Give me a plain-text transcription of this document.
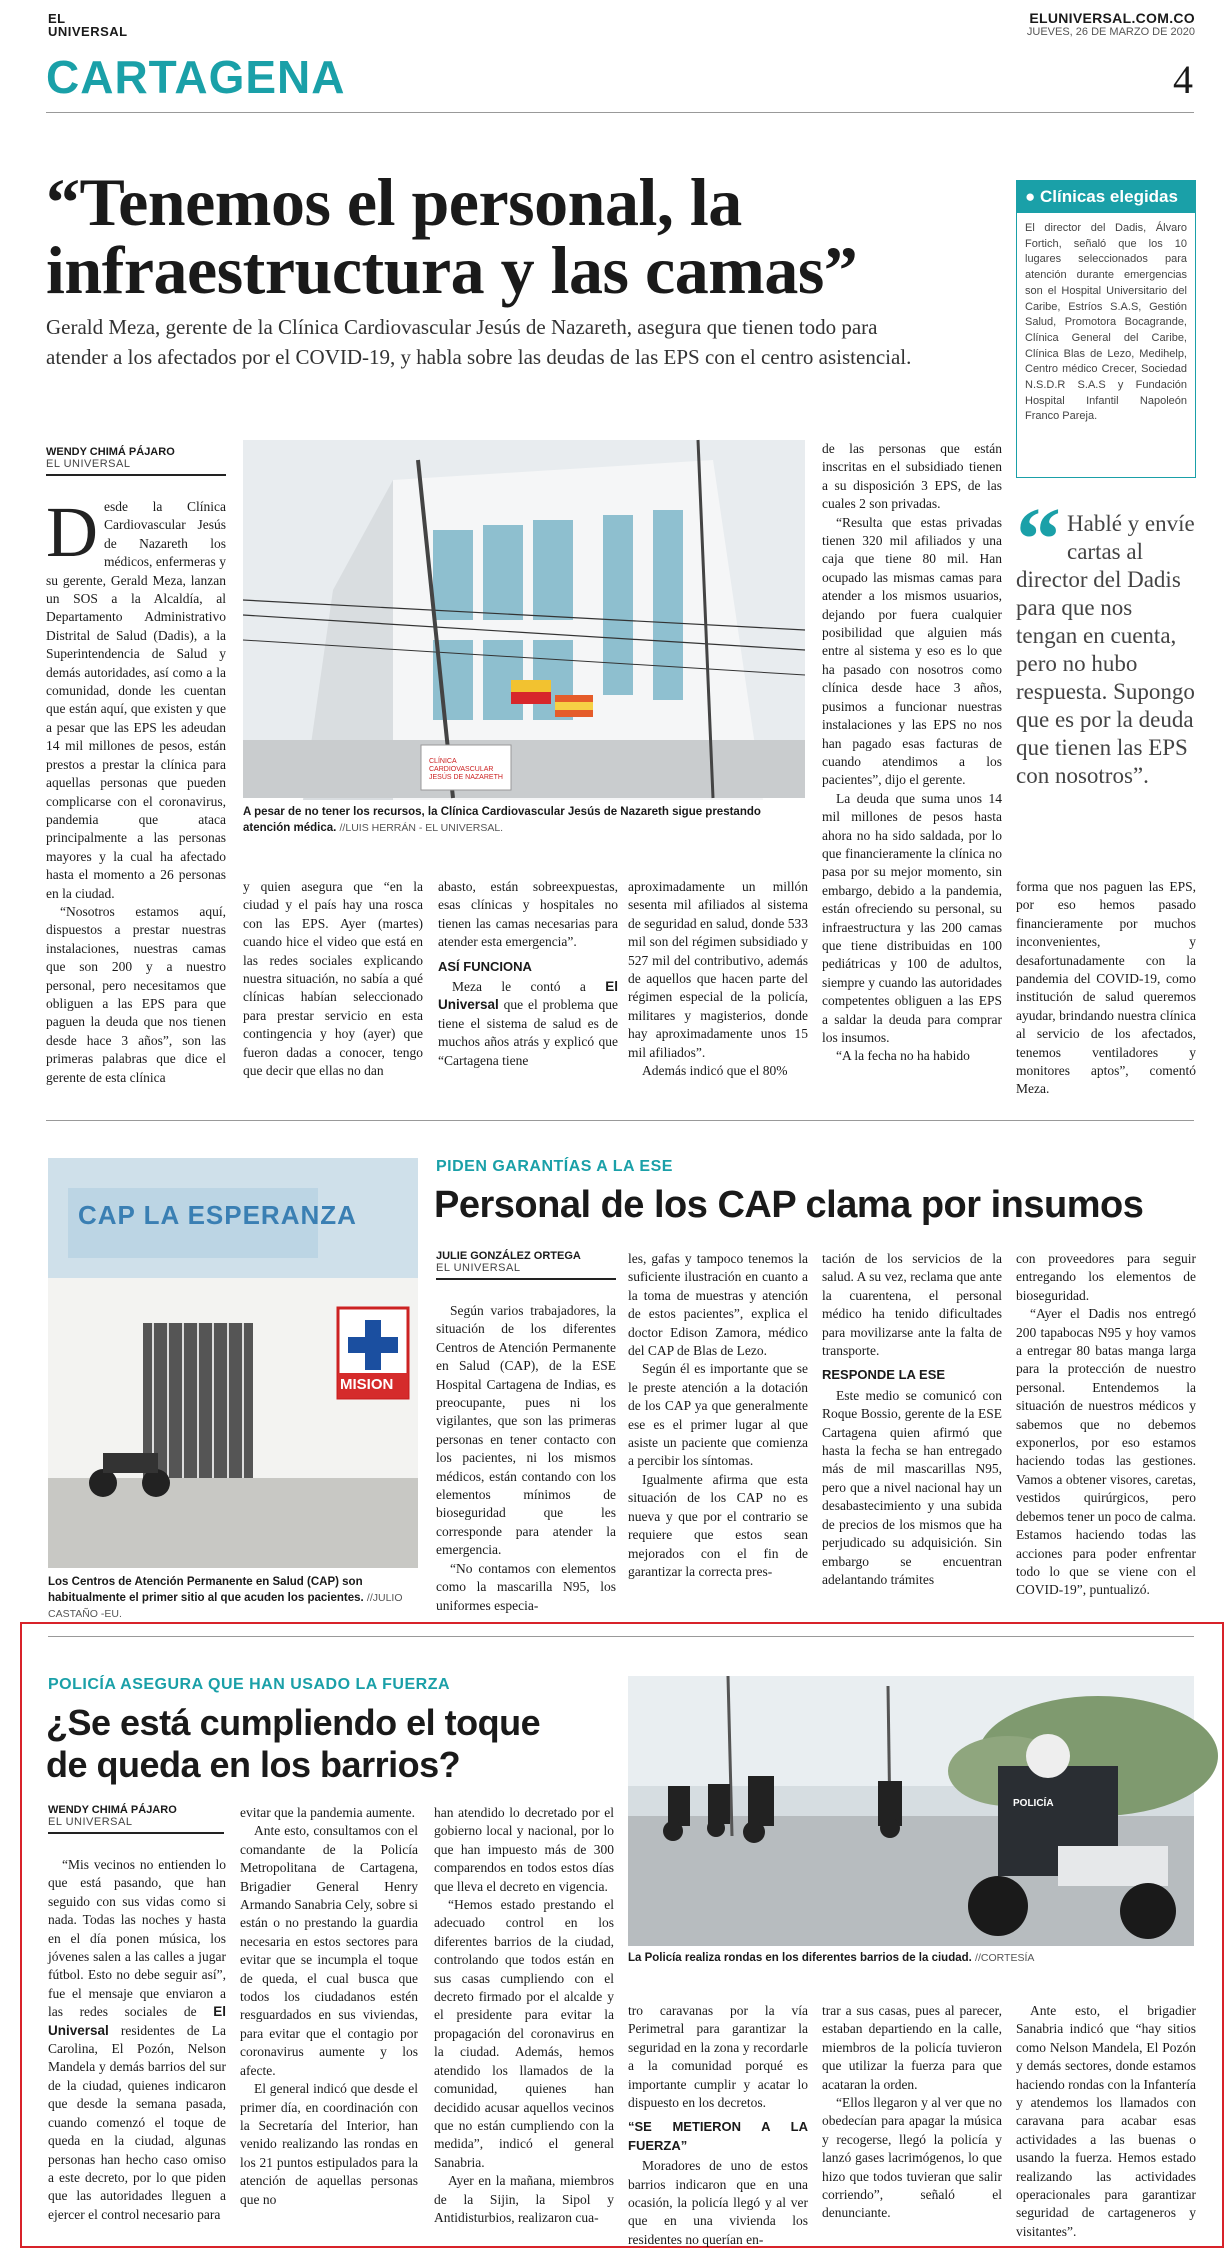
EL
UNIVERSAL
ELUNIVERSAL.COM.CO
JUEVES, 26 DE MARZO DE 2020
CARTAGENA	4
“Tenemos el personal, la
infraestructura y las camas”
Gerald Meza, gerente de la Clínica Cardiovascular Jesús de Nazareth, asegura que tienen todo para atender a los afectados por el COVID-19, y habla sobre las deudas de las EPS con el centro asistencial.
WENDY CHIMÁ PÁJARO
EL UNIVERSAL

Desde la Clínica Cardiovascular Jesús de Nazareth los médicos, enfermeras y su gerente, Gerald Meza, lanzan un SOS a la Alcaldía, al Departamento Administrativo Distrital de Salud (Dadis), a la Superintendencia de Salud y demás autoridades, así como a la comunidad, donde les cuentan que están aquí, que existen y que a pesar que las EPS les adeudan 14 mil millones de pesos, están prestos a prestar la clínica para aquellas personas que pueden complicarse con el coronavirus, pandemia que ataca principalmente a las personas mayores y la cual ha afectado hasta el momento a 26 personas en la ciudad.

“Nosotros estamos aquí, dispuestos a prestar nuestras instalaciones, nuestras camas que son 200 y a nuestro personal, pero necesitamos que obliguen a las EPS para que paguen la deuda que nos tienen desde hace 3 años”, son las primeras palabras que dice el gerente de esta clínica

CLÍNICA CARDIOVASCULAR JESÚS DE NAZARETH
A pesar de no tener los recursos, la Clínica Cardiovascular Jesús de Nazareth sigue prestando atención médica. //LUIS HERRÁN - EL UNIVERSAL.

y quien asegura que “en la ciudad y el país hay una rosca con las EPS. Ayer (martes) cuando hice el video que está en las redes sociales explicando nuestra situación, no sabía a qué clínicas habían seleccionado para prestar servicio en esta contingencia y hoy (ayer) que fueron dadas a conocer, tengo que decir que ellas no dan

abasto, están sobreexpuestas, esas clínicas y hospitales no tienen las camas necesarias para atender esta emergencia”.

ASÍ FUNCIONA

Meza le contó a El Universal que el problema que tiene el sistema de salud es de muchos años atrás y explicó que “Cartagena tiene

aproximadamente un millón sesenta mil afiliados al sistema de seguridad en salud, donde 533 mil son del régimen subsidiado y 527 mil del contributivo, además de aquellos que hacen parte del régimen especial de la policía, militares y magisterios, donde hay aproximadamente unos 15 mil afiliados”.

Además indicó que el 80%

de las personas que están inscritas en el subsidiado tienen a su disposición 3 EPS, de las cuales 2 son privadas.

“Resulta que estas privadas tienen 320 mil afiliados y una caja que tiene 80 mil. Han ocupado las mismas camas para atender a los mismos usuarios, dejando por fuera cualquier posibilidad que alguien más entre al sistema y eso es lo que ha pasado con nosotros como clínica desde hace 3 años, pusimos a funcionar nuestras instalaciones y las EPS no nos han pagado esas facturas de cuando atendimos a los pacientes”, dijo el gerente.

La deuda que suma unos 14 mil millones de pesos hasta ahora no ha sido saldada, por lo que financieramente la clínica no pasa por su mejor momento, sin embargo, debido a la pandemia, están ofreciendo su personal, su infraestructura y las 200 camas que tiene distribuidas en 100 pediátricas y 100 de adultos, siempre y cuando las autoridades competentes obliguen a las EPS a saldar la deuda para comprar los insumos.

“A la fecha no ha habido

forma que nos paguen las EPS, por eso hemos pasado financieramente por muchos inconvenientes, y desafortunadamente con la pandemia del COVID-19, como institución de salud queremos ayudar, brindando nuestra clínica al servicio de los afectados, tenemos ventiladores y monitores aptos”, comentó Meza.

● Clínicas elegidas
El director del Dadis, Álvaro Fortich, señaló que los 10 lugares seleccionados para atención durante emergencias son el Hospital Universitario del Caribe, Estríos S.A.S, Gestión Salud, Promotora Bocagrande, Clínica General del Caribe, Clínica Blas de Lezo, Medihelp, Centro médico Crecer, Sociedad N.S.D.R S.A.S y Fundación Hospital Infantil Napoleón Franco Pareja.
“ Hablé y envíe cartas al director del Dadis para que nos tengan en cuenta, pero no hubo respuesta. Supongo que es por la deuda que tienen las EPS con nosotros”.
CAP LA ESPERANZA
MISION
Los Centros de Atención Permanente en Salud (CAP) son habitualmente el primer sitio al que acuden los pacientes. //JULIO CASTAÑO -EU.
PIDEN GARANTÍAS A LA ESE
Personal de los CAP clama por insumos
JULIE GONZÁLEZ ORTEGA
EL UNIVERSAL

Según varios trabajadores, la situación de los diferentes Centros de Atención Permanente en Salud (CAP), de la ESE Hospital Cartagena de Indias, es preocupante, pues ni los vigilantes, que son las primeras personas en tener contacto con los pacientes, ni los mismos médicos, están contando con los elementos mínimos de bioseguridad que les corresponde para atender la emergencia.

“No contamos con elementos como la mascarilla N95, los uniformes especia-

les, gafas y tampoco tenemos la suficiente ilustración en cuanto a la toma de muestras y atención de estos pacientes”, explica el doctor Edison Zamora, médico del CAP de Blas de Lezo.

Según él es importante que se le preste atención a la dotación de los CAP ya que generalmente ese es el primer lugar al que asiste un paciente que comienza a percibir los síntomas.

Igualmente afirma que esta situación de los CAP no es nueva y que por el contrario se requiere que estos sean mejorados con el fin de garantizar la correcta pres-

tación de los servicios de la salud. A su vez, reclama que ante la cuarentena, el personal médico ha tenido dificultades para movilizarse ante la falta de transporte.

RESPONDE LA ESE

Este medio se comunicó con Roque Bossio, gerente de la ESE Cartagena quien afirmó que hasta la fecha se han entregado más de mil mascarillas N95, pero que a nivel nacional hay un desabastecimiento y una subida de precios de los mismos que ha perjudicado su adquisición. Sin embargo se encuentran adelantando trámites

con proveedores para seguir entregando los elementos de bioseguridad.

“Ayer el Dadis nos entregó 200 tapabocas N95 y hoy vamos a entregar 80 batas manga larga para la protección de nuestro personal. Entendemos la situación de nuestros médicos y sabemos que no debemos exponerlos, por eso estamos haciendo todas las gestiones. Vamos a obtener visores, caretas, vestidos quirúrgicos, pero debemos tener un poco de calma. Estamos haciendo todas las acciones para poder enfrentar todo lo que se viene con el COVID-19”, puntualizó.

POLICÍA ASEGURA QUE HAN USADO LA FUERZA
¿Se está cumpliendo el toque
de queda en los barrios?
WENDY CHIMÁ PÁJARO
EL UNIVERSAL
POLICÍA
La Policía realiza rondas en los diferentes barrios de la ciudad. //CORTESÍA

“Mis vecinos no entienden lo que está pasando, que han seguido con sus vidas como si nada. Todas las noches y hasta en el día ponen música, los jóvenes salen a las calles a jugar fútbol. Esto no debe seguir así”, fue el mensaje que enviaron a las redes sociales de El Universal residentes de La Carolina, El Pozón, Nelson Mandela y demás barrios del sur de la ciudad, quienes indicaron que desde la semana pasada, cuando comenzó el toque de queda en la ciudad, algunas personas han hecho caso omiso a este decreto, por lo que piden que las autoridades lleguen a ejercer el control necesario para

evitar que la pandemia aumente.

Ante esto, consultamos con el comandante de la Policía Metropolitana de Cartagena, Brigadier General Henry Armando Sanabria Cely, sobre si están o no prestando la guardia necesaria en estos sectores para evitar que se incumpla el toque de queda, el cual busca que todos los ciudadanos estén resguardados en sus viviendas, para evitar que el contagio por coronavirus aumente y los afecte.

El general indicó que desde el primer día, en coordinación con la Secretaría del Interior, han venido realizando las rondas en los 21 puntos estipulados para la atención de aquellas personas que no

han atendido lo decretado por el gobierno local y nacional, por lo que han impuesto más de 300 comparendos en todos estos días que lleva el decreto en vigencia.

“Hemos estado prestando el adecuado control en los diferentes barrios de la ciudad, controlando que todos están en sus casas cumpliendo con el decreto firmado por el alcalde y el presidente para evitar la propagación del coronavirus en la ciudad. Además, hemos atendido los llamados de la comunidad, quienes han decidido acusar aquellos vecinos que no están cumpliendo con la medida”, indicó el general Sanabria.

Ayer en la mañana, miembros de la Sijin, la Sipol y Antidisturbios, realizaron cua-

tro caravanas por la vía Perimetral para garantizar la seguridad en la zona y recordarle a la comunidad porqué es importante cumplir y acatar lo dispuesto en los decretos.

“SE METIERON A LA FUERZA”

Moradores de uno de estos barrios indicaron que en una ocasión, la policía llegó y al ver que en una vivienda los residentes no querían en-

trar a sus casas, pues al parecer, estaban departiendo en la calle, miembros de la policía tuvieron que utilizar la fuerza para que acataran la orden.

“Ellos llegaron y al ver que no obedecían para apagar la música y recogerse, llegó la policía y lanzó gases lacrimógenos, lo que hizo que todos tuvieran que salir corriendo”, señaló el denunciante.

Ante esto, el brigadier Sanabria indicó que “hay sitios como Nelson Mandela, El Pozón y demás sectores, donde estamos haciendo rondas con la Infantería y atendemos los llamados con caravana para acabar esas actividades a las buenas o usando la fuerza. Hemos estado realizando las actividades operacionales para garantizar seguridad de cartageneros y visitantes”.
